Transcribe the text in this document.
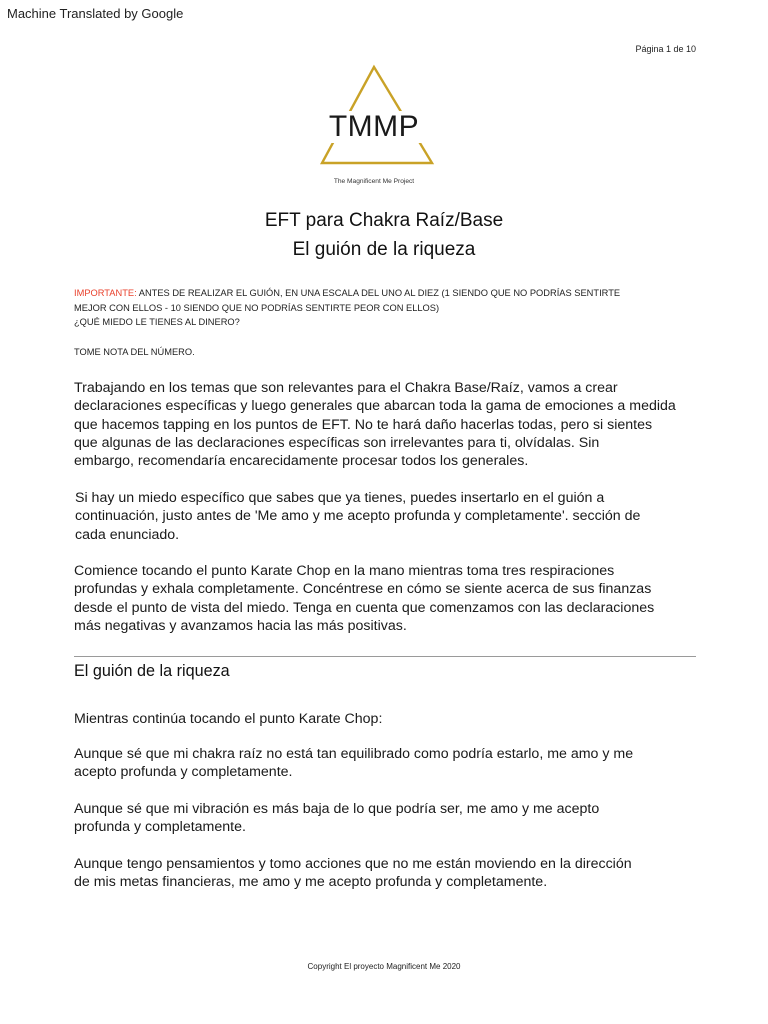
Machine Translated by Google
Página 1 de 10
TMMP
The Magnificent Me Project
EFT para Chakra Raíz/Base
El guión de la riqueza
IMPORTANTE: ANTES DE REALIZAR EL GUIÓN, EN UNA ESCALA DEL UNO AL DIEZ (1 SIENDO QUE NO PODRÍAS SENTIRTE
MEJOR CON ELLOS - 10 SIENDO QUE NO PODRÍAS SENTIRTE PEOR CON ELLOS)
¿QUÉ MIEDO LE TIENES AL DINERO?
TOME NOTA DEL NÚMERO.
Trabajando en los temas que son relevantes para el Chakra Base/Raíz, vamos a crear
declaraciones específicas y luego generales que abarcan toda la gama de emociones a medida
que hacemos tapping en los puntos de EFT. No te hará daño hacerlas todas, pero si sientes
que algunas de las declaraciones específicas son irrelevantes para ti, olvídalas. Sin
embargo, recomendaría encarecidamente procesar todos los generales.
Si hay un miedo específico que sabes que ya tienes, puedes insertarlo en el guión a
continuación, justo antes de 'Me amo y me acepto profunda y completamente'. sección de
cada enunciado.
Comience tocando el punto Karate Chop en la mano mientras toma tres respiraciones
profundas y exhala completamente. Concéntrese en cómo se siente acerca de sus finanzas
desde el punto de vista del miedo. Tenga en cuenta que comenzamos con las declaraciones
más negativas y avanzamos hacia las más positivas.
El guión de la riqueza
Mientras continúa tocando el punto Karate Chop:
Aunque sé que mi chakra raíz no está tan equilibrado como podría estarlo, me amo y me
acepto profunda y completamente.
Aunque sé que mi vibración es más baja de lo que podría ser, me amo y me acepto
profunda y completamente.
Aunque tengo pensamientos y tomo acciones que no me están moviendo en la dirección
de mis metas financieras, me amo y me acepto profunda y completamente.
Copyright El proyecto Magnificent Me 2020
